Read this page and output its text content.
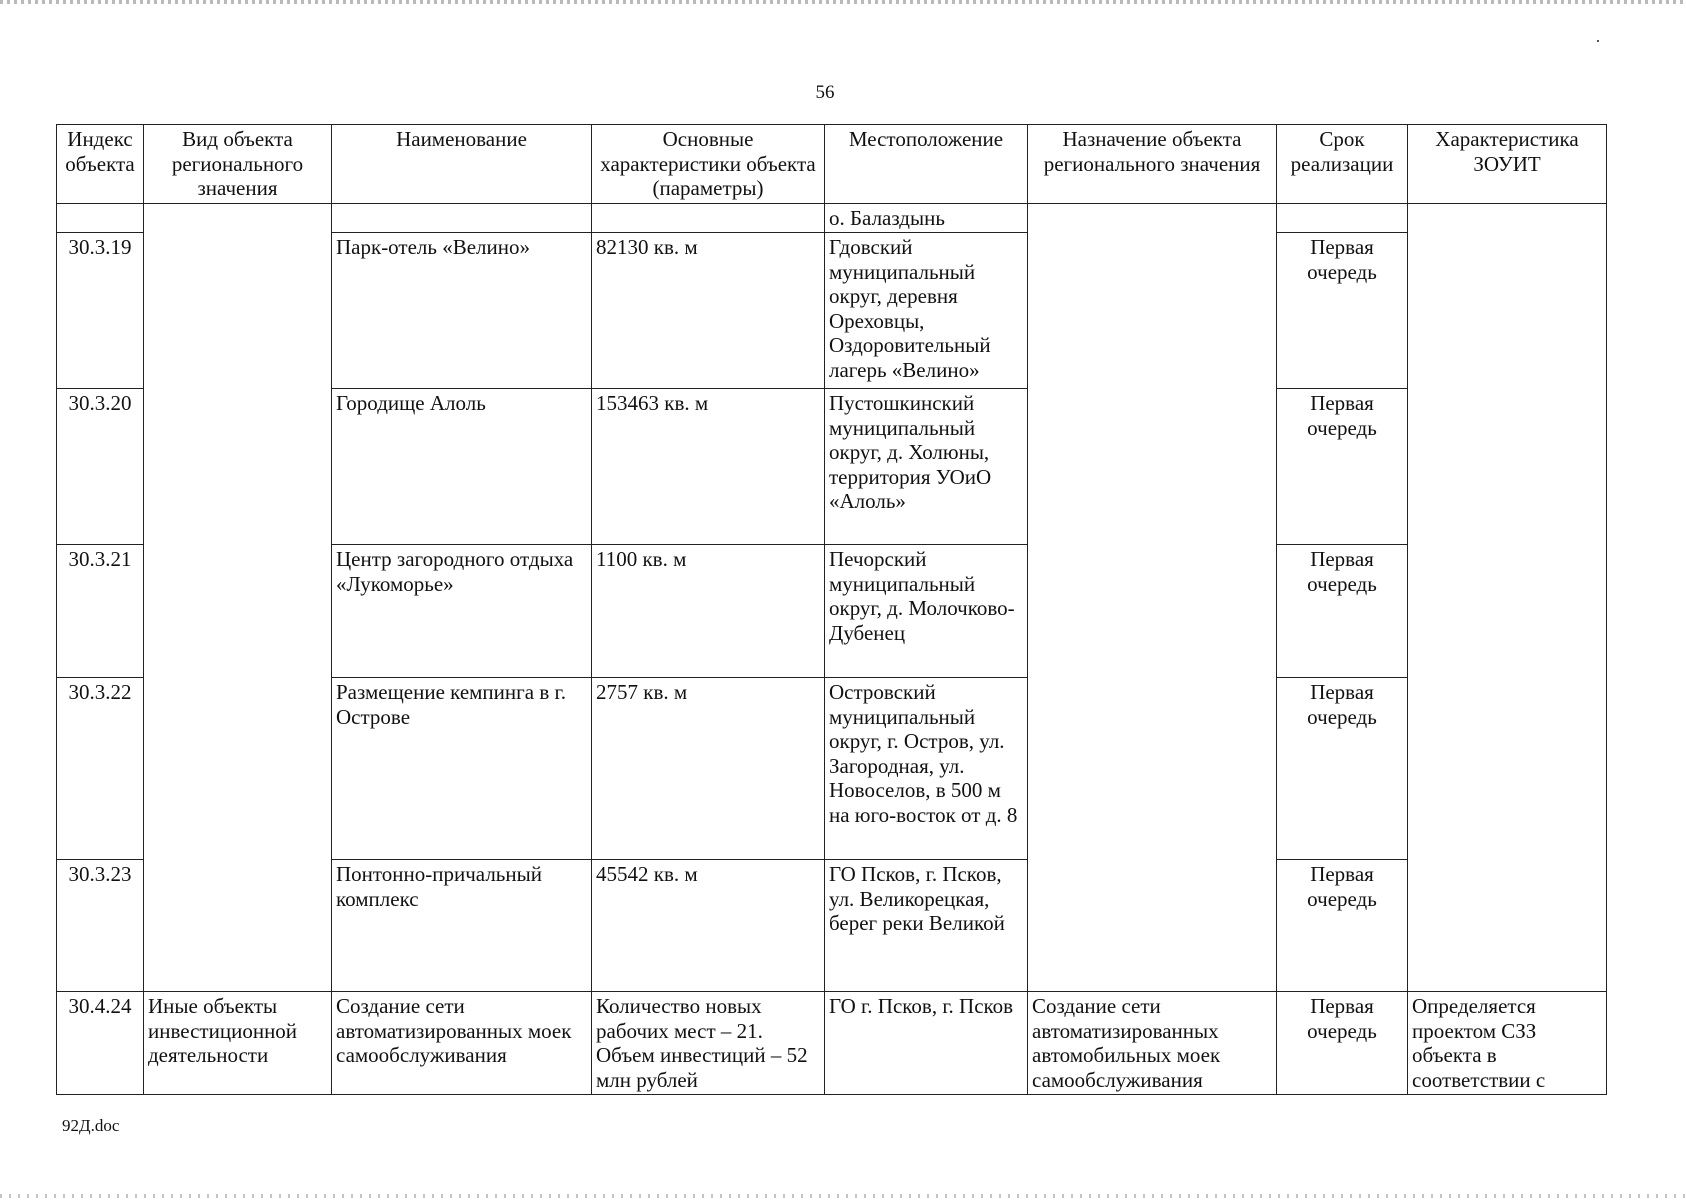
56
Индекс объекта	Вид объекта регионального значения	Наименование	Основные характеристики объекта (параметры)	Местоположение	Назначение объекта регионального значения	Срок реализации	Характеристика ЗОУИТ
				о. Балаздынь			
30.3.19		Парк-отель «Велино»	82130 кв. м	Гдовский муниципальный округ, деревня Ореховцы, Оздоровительный лагерь «Велино»		Первая очередь	
30.3.20		Городище Алоль	153463 кв. м	Пустошкинский муниципальный округ, д. Холюны, территория УОиО «Алоль»		Первая очередь	
30.3.21		Центр загородного отдыха «Лукоморье»	1100 кв. м	Печорский муниципальный округ, д. Молочково-Дубенец		Первая очередь	
30.3.22		Размещение кемпинга в г. Острове	2757 кв. м	Островский муниципальный округ, г. Остров, ул. Загородная, ул. Новоселов, в 500 м на юго-восток от д. 8		Первая очередь	
30.3.23		Понтонно-причальный комплекс	45542 кв. м	ГО Псков, г. Псков, ул. Великорецкая, берег реки Великой		Первая очередь	
30.4.24	Иные объекты инвестиционной деятельности	Создание сети автоматизированных моек самообслуживания	Количество новых рабочих мест – 21. Объем инвестиций – 52 млн рублей	ГО г. Псков, г. Псков	Создание сети автоматизированных автомобильных моек самообслуживания	Первая очередь	Определяется проектом СЗЗ объекта в соответствии с
92Д.doc
